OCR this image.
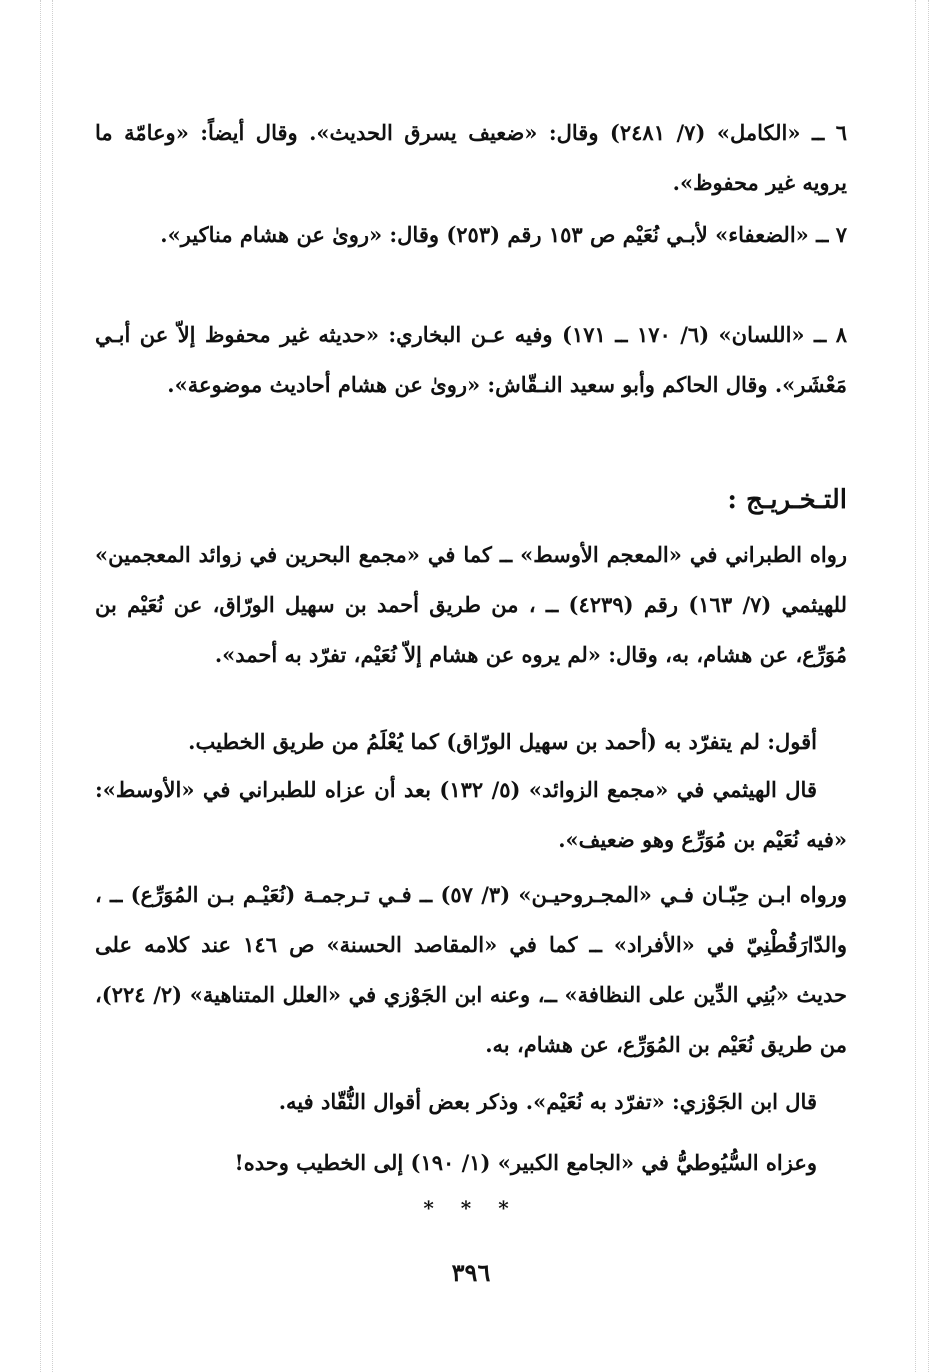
٦ ــ «الكامل» (٧/ ٢٤٨١) وقال: «ضعيف يسرق الحديث». وقال أيضاً: «وعامّة ما يرويه غير محفوظ».

٧ ــ «الضعفاء» لأبـي نُعَيْم ص ١٥٣ رقم (٢٥٣) وقال: «روىٰ عن هشام مناكير».

٨ ــ «اللسان» (٦/ ١٧٠ ــ ١٧١) وفيه عـن البخاري: «حديثه غير محفوظ إلاّ عن أبـي مَعْشَر». وقال الحاكم وأبو سعيد النـقّاش: «روىٰ عن هشام أحاديث موضوعة».

التـخـريـج :

رواه الطبراني في «المعجم الأوسط» ــ كما في «مجمع البحرين في زوائد المعجمين» للهيثمي (٧/ ١٦٣) رقم (٤٢٣٩) ــ ، من طريق أحمد بن سهيل الورّاق، عن نُعَيْم بن مُوَرِّع، عن هشام، به، وقال: «لم يروه عن هشام إلاّ نُعَيْم، تفرّد به أحمد».

أقول: لم يتفرّد به (أحمد بن سهيل الورّاق) كما يُعْلَمُ من طريق الخطيب.

قال الهيثمي في «مجمع الزوائد» (٥/ ١٣٢) بعد أن عزاه للطبراني في «الأوسط»: «فيه نُعَيْم بن مُوَرِّع وهو ضعيف».

ورواه ابـن حِبّـان فـي «المجـروحيـن» (٣/ ٥٧) ــ فـي تـرجمـة (نُعَيْـم بـن المُوَرِّع) ــ ، والدّارَقُطْنِيّ في «الأفراد» ــ كما في «المقاصد الحسنة» ص ١٤٦ عند كلامه على حديث «بُنِي الدِّين على النظافة» ــ، وعنه ابن الجَوْزي في «العلل المتناهية» (٢/ ٢٢٤)، من طريق نُعَيْم بن المُوَرِّع، عن هشام، به.

قال ابن الجَوْزي: «تفرّد به نُعَيْم». وذكر بعض أقوال النُّقّاد فيه.

وعزاه السُّيُوطيُّ في «الجامع الكبير» (١/ ١٩٠) إلى الخطيب وحده!

* * *
٣٩٦
